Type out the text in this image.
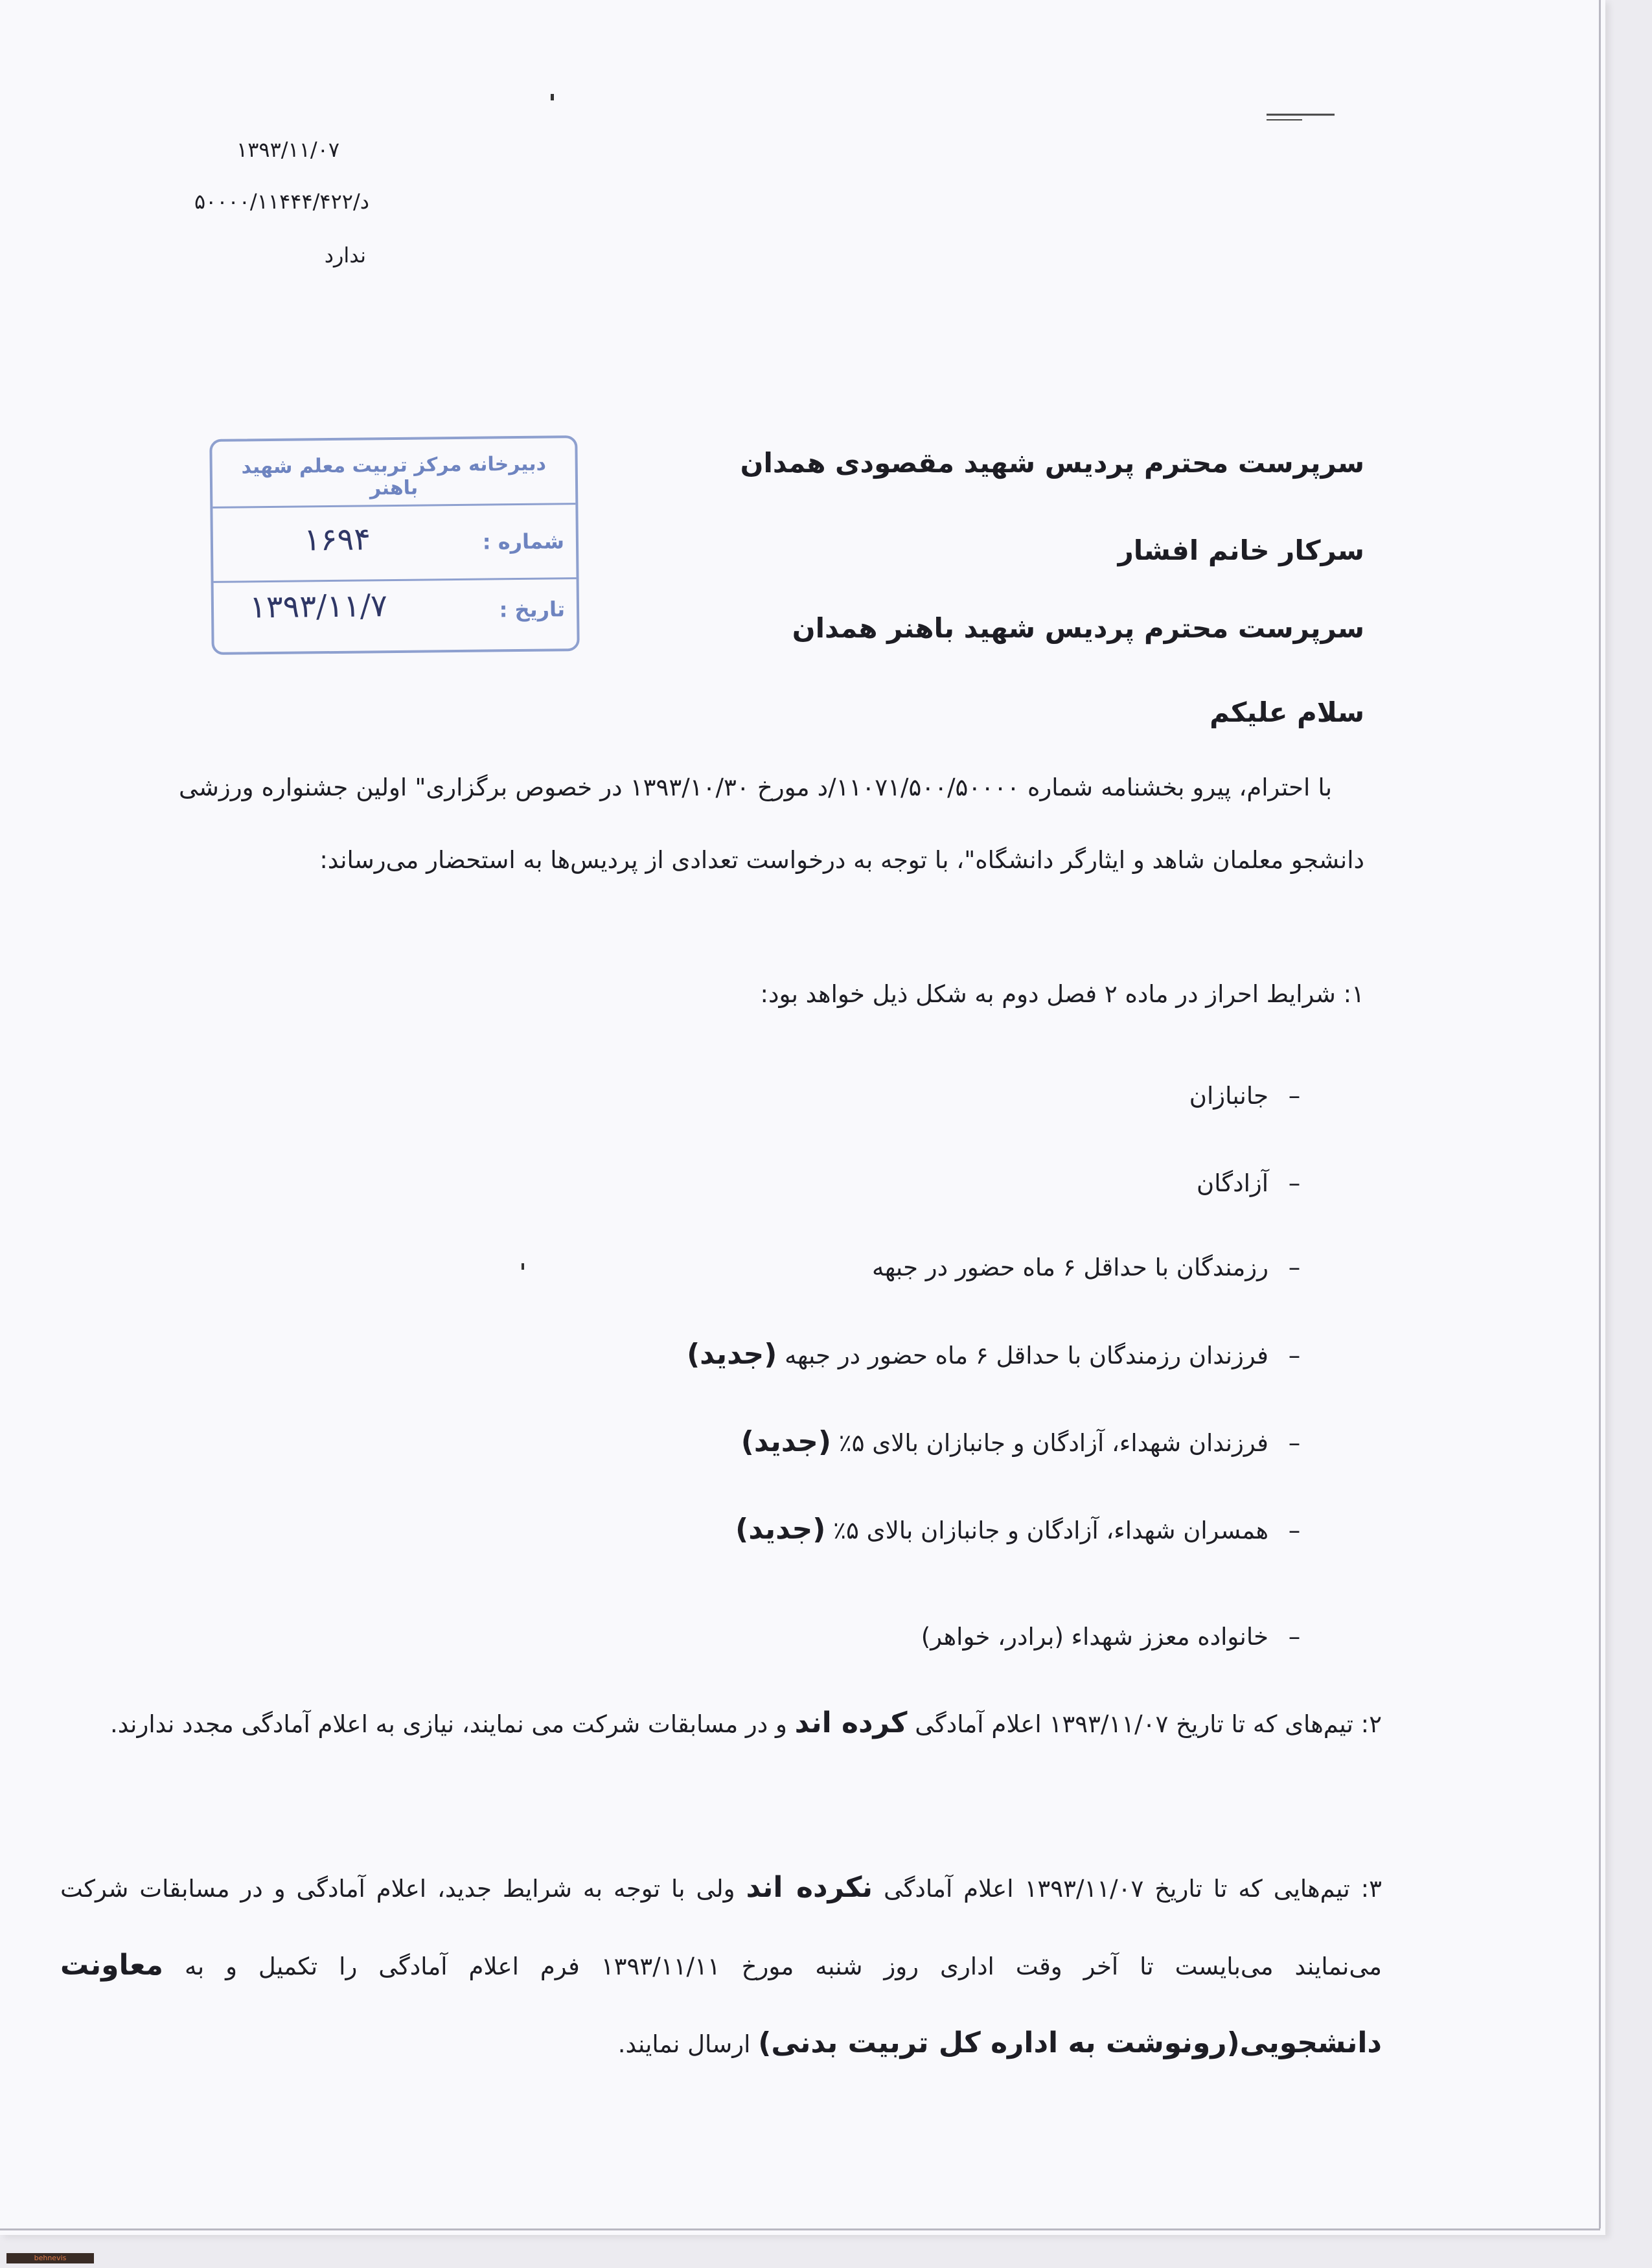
۱۳۹۳/۱۱/۰۷
د/۵۰۰۰۰/۱۱۴۴۴/۴۲۲
ندارد
دبیرخانه مرکز تربیت معلم شهید باهنر
شماره :
۱۶۹۴
تاریخ :
۱۳۹۳/۱۱/۷
سرپرست محترم پردیس شهید مقصودی همدان
سرکار خانم افشار
سرپرست محترم پردیس شهید باهنر همدان
سلام علیکم
با احترام، پیرو بخشنامه شماره ۱۱۰۷۱/۵۰۰/۵۰۰۰۰/د مورخ ۱۳۹۳/۱۰/۳۰ در خصوص برگزاری" اولین جشنواره ورزشی دانشجو معلمان شاهد و ایثارگر دانشگاه"، با توجه به درخواست تعدادی از پردیس‌ها به استحضار می‌رساند:
۱: شرایط احراز در ماده ۲ فصل دوم به شکل ذیل خواهد بود:
–
جانبازان
–
آزادگان
–
رزمندگان با حداقل ۶ ماه حضور در جبهه
–
فرزندان رزمندگان با حداقل ۶ ماه حضور در جبهه (جدید)
–
فرزندان شهداء، آزادگان و جانبازان بالای ۵٪ (جدید)
–
همسران شهداء، آزادگان و جانبازان بالای ۵٪ (جدید)
–
خانواده معزز شهداء (برادر، خواهر)
۲: تیم‌های که تا تاریخ ۱۳۹۳/۱۱/۰۷ اعلام آمادگی کرده اند و در مسابقات شرکت می نمایند، نیازی به اعلام آمادگی مجدد ندارند.
۳: تیم‌هایی که تا تاریخ ۱۳۹۳/۱۱/۰۷ اعلام آمادگی نکرده اند ولی با توجه به شرایط جدید، اعلام آمادگی و در مسابقات شرکت می‌نمایند می‌بایست تا آخر وقت اداری روز شنبه مورخ ۱۳۹۳/۱۱/۱۱ فرم اعلام آمادگی را تکمیل و به معاونت دانشجویی(رونوشت به اداره کل تربیت بدنی) ارسال نمایند.
behnevis
